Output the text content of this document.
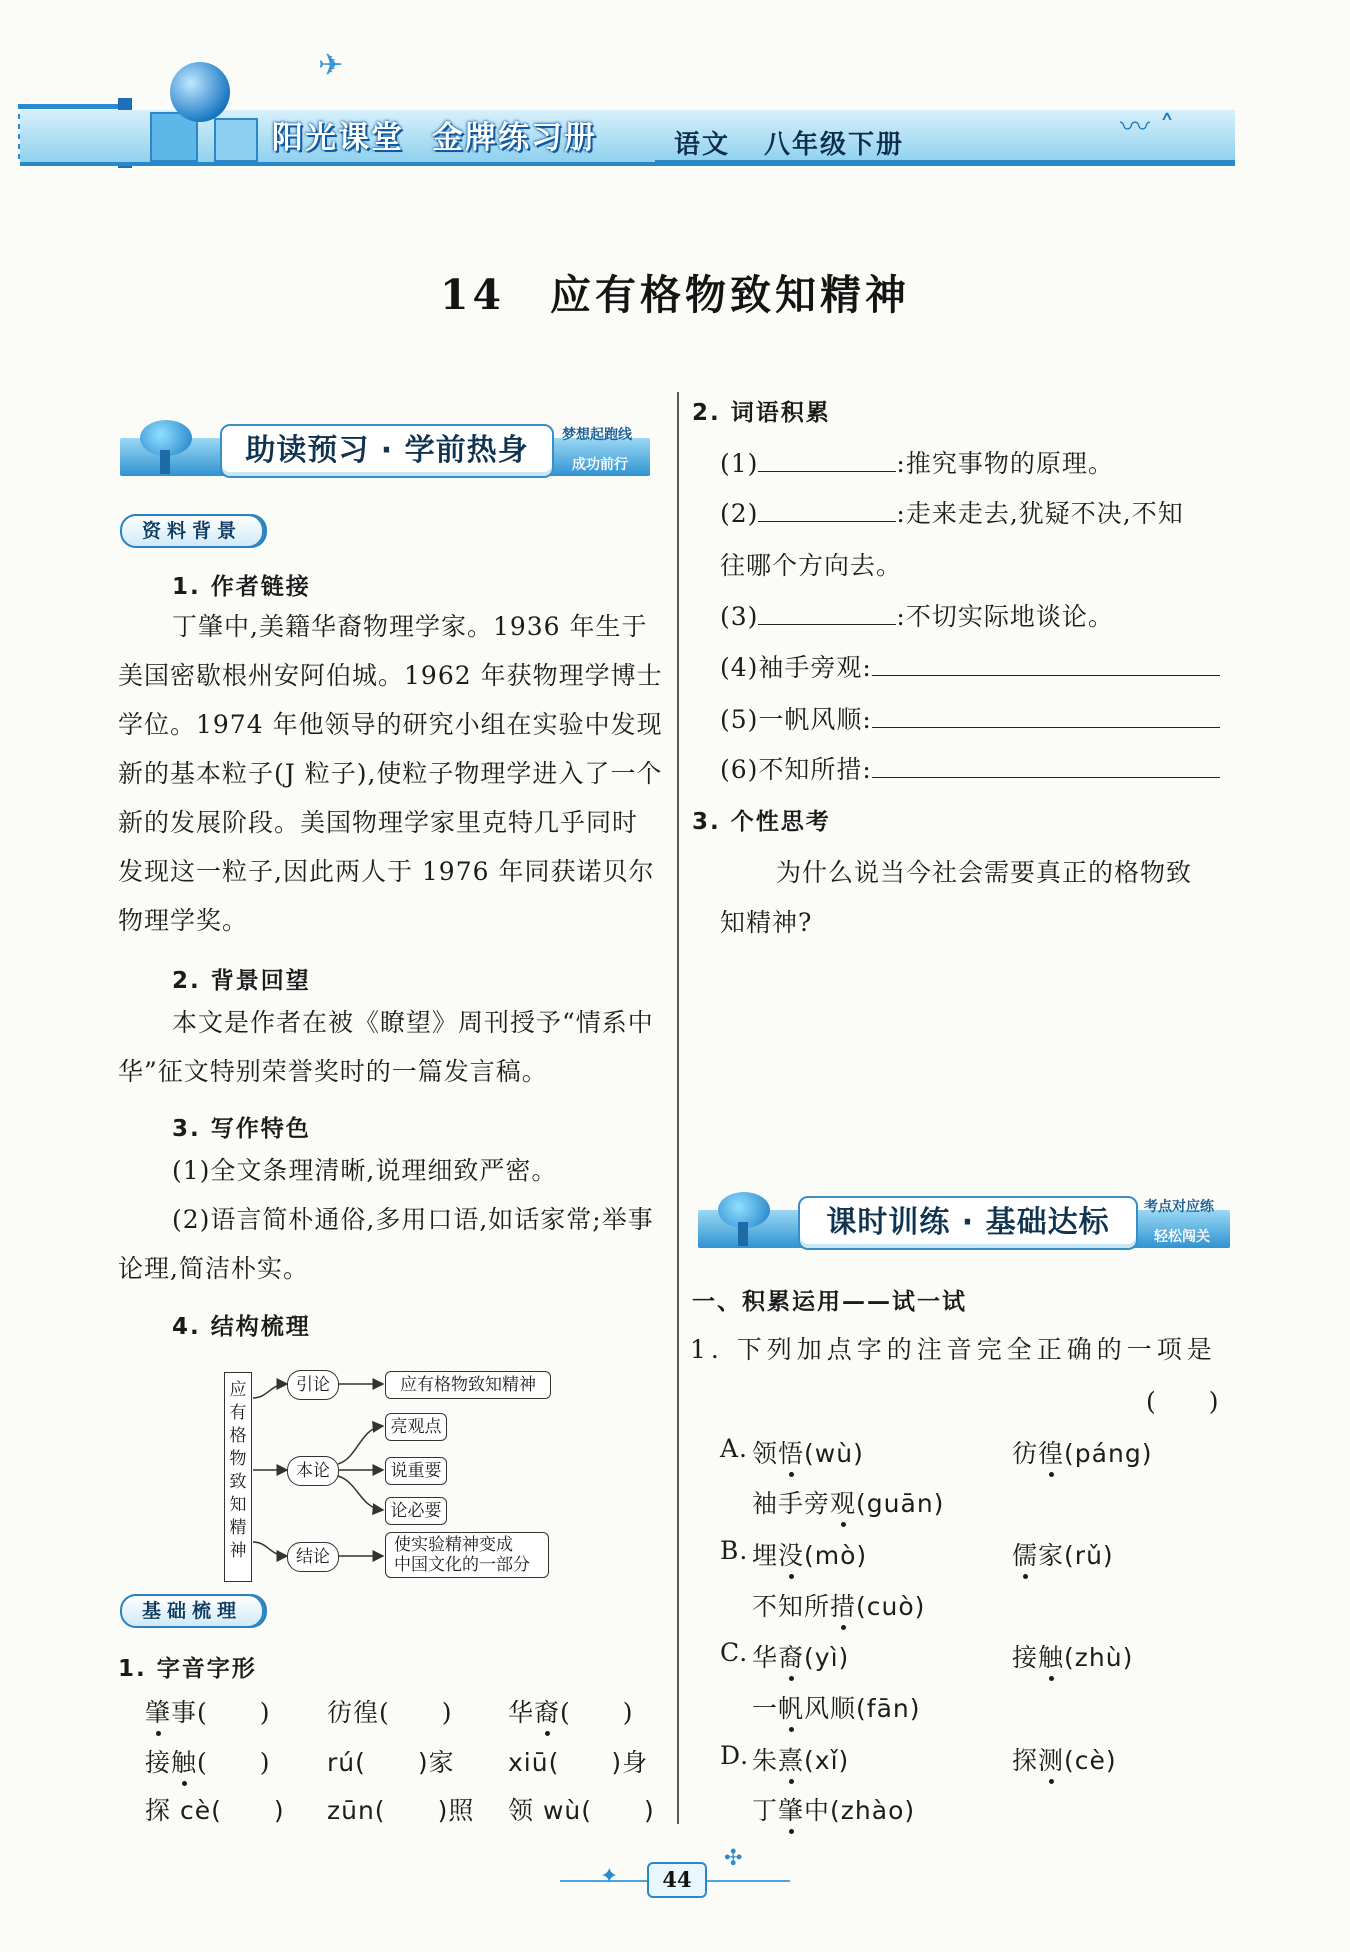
✈
阳光课堂 金牌练习册	语文 八年级下册	〰 ˄
14　应有格物致知精神
助读预习 · 学前热身	梦想起跑线
成功前行
资料背景
1. 作者链接
丁肇中,美籍华裔物理学家。1936 年生于美国密歇根州安阿伯城。1962 年获物理学博士学位。1974 年他领导的研究小组在实验中发现新的基本粒子(J 粒子),使粒子物理学进入了一个新的发展阶段。美国物理学家里克特几乎同时发现这一粒子,因此两人于 1976 年同获诺贝尔物理学奖。
2. 背景回望
本文是作者在被《瞭望》周刊授予“情系中华”征文特别荣誉奖时的一篇发言稿。
3. 写作特色
(1)全文条理清晰,说理细致严密。
(2)语言简朴通俗,多用口语,如话家常;举事论理,简洁朴实。
4. 结构梳理
应有格物致知精神
引论	应有格物致知精神
本论
亮观点
说重要
论必要
结论
使实验精神变成
中国文化的一部分
基础梳理
1. 字音字形
肇事(　　) 彷徨(　　) 华裔(　　)
接触(　　) rú(　　)家 xiū(　　)身
探 cè(　　) zūn(　　)照 领 wù(　　)
2. 词语积累
(1)	:推究事物的原理。
(2)	:走来走去,犹疑不决,不知
往哪个方向去。
(3)	:不切实际地谈论。
(4)袖手旁观:
(5)一帆风顺:
(6)不知所措:
3. 个性思考
为什么说当今社会需要真正的格物致
知精神?
课时训练 · 基础达标	考点对应练
轻松闯关
一、积累运用——试一试
1. 下列加点字的注音完全正确的一项是
(　　)
A. 领悟(wù)	彷徨(páng)
袖手旁观(guān)
B. 埋没(mò)	儒家(rǔ)
不知所措(cuò)
C. 华裔(yì)	接触(zhù)
一帆风顺(fān)
D. 朱熹(xǐ)	探测(cè)
丁肇中(zhào)
✦
✣
44
